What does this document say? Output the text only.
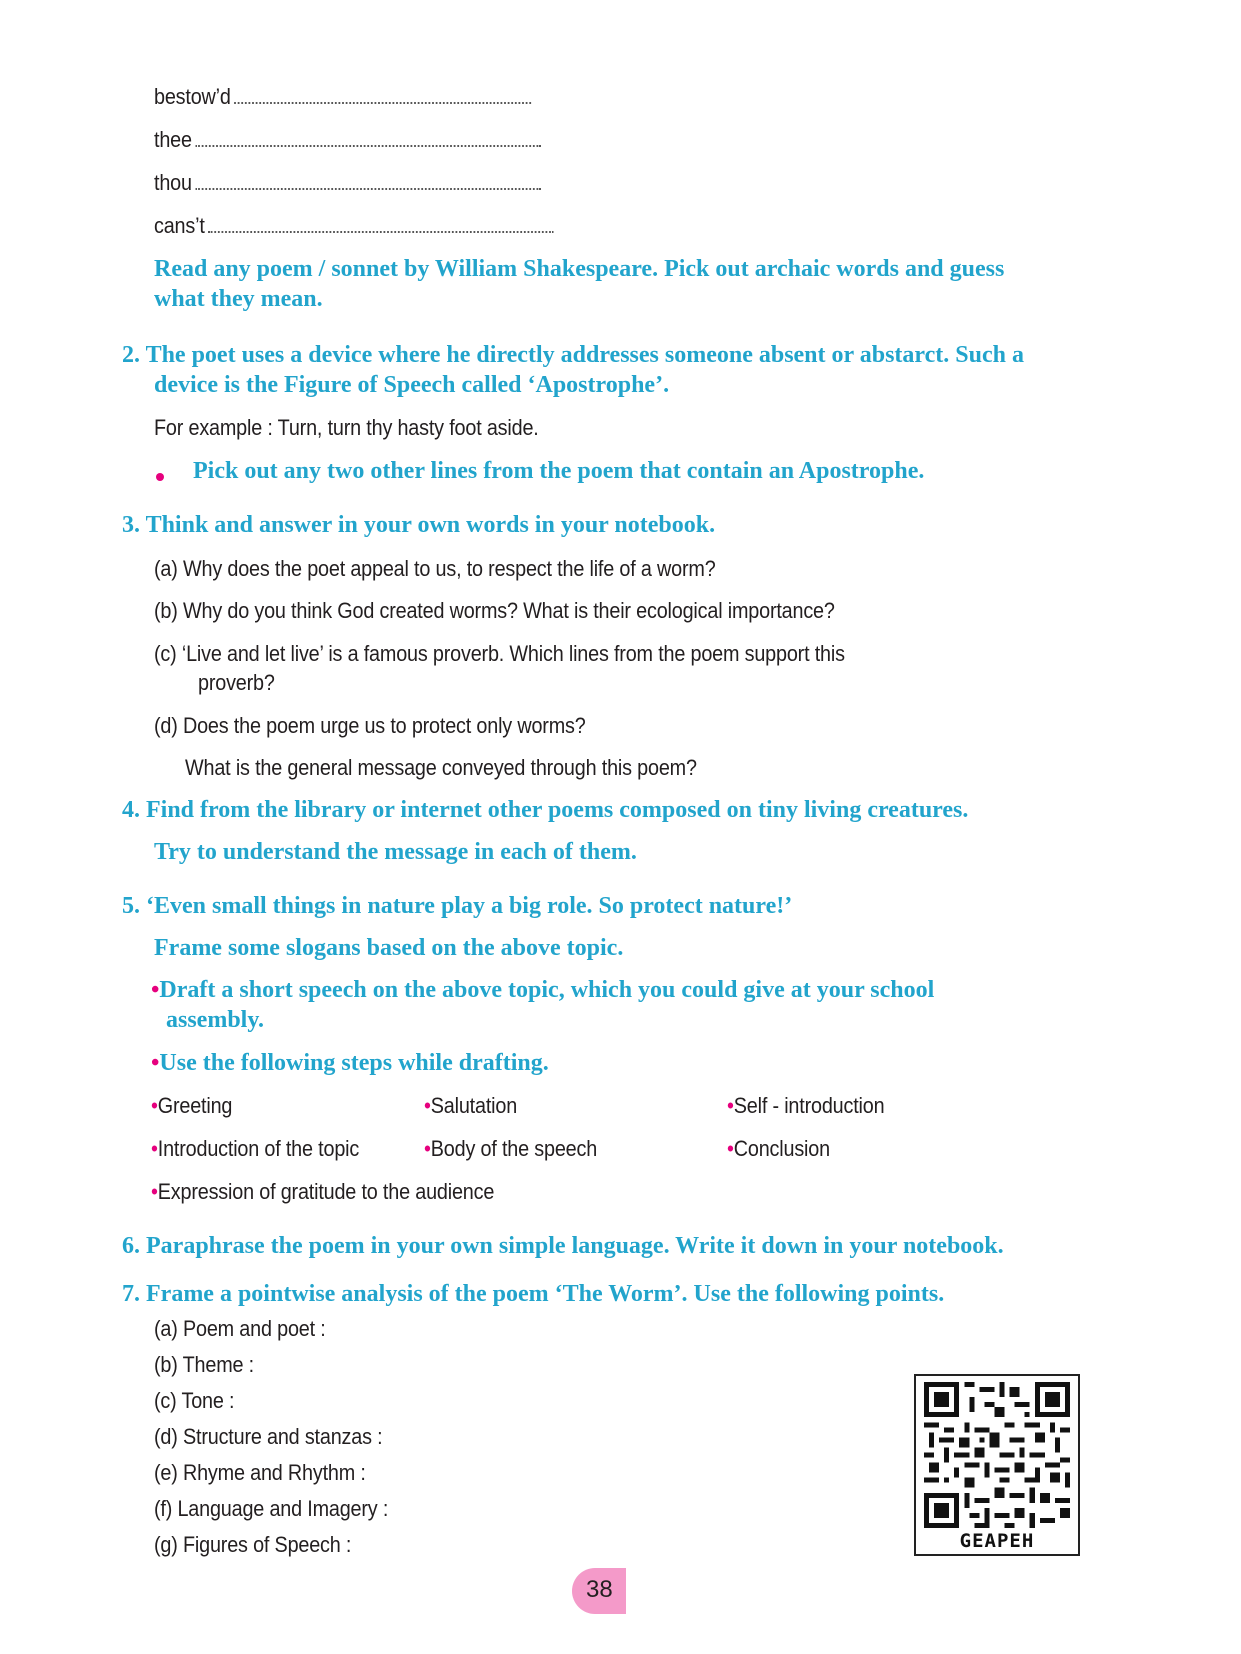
bestow’d
thee
thou
cans’t
Read any poem / sonnet by William Shakespeare. Pick out archaic words and guess
what they mean.
2. The poet uses a device where he directly addresses someone absent or abstarct. Such a
device is the Figure of Speech called ‘Apostrophe’.
For example : Turn, turn thy hasty foot aside.
Pick out any two other lines from the poem that contain an Apostrophe.
3. Think and answer in your own words in your notebook.
(a) Why does the poet appeal to us, to respect the life of a worm?
(b) Why do you think God created worms? What is their ecological importance?
(c) ‘Live and let live’ is a famous proverb. Which lines from the poem support this
proverb?
(d) Does the poem urge us to protect only worms?
What is the general message conveyed through this poem?
4. Find from the library or internet other poems composed on tiny living creatures.
Try to understand the message in each of them.
5. ‘Even small things in nature play a big role. So protect nature!’
Frame some slogans based on the above topic.
•Draft a short speech on the above topic, which you could give at your school
assembly.
•Use the following steps while drafting.
•Greeting	•Salutation	•Self - introduction
•Introduction of the topic	•Body of the speech	•Conclusion
•Expression of gratitude to the audience
6. Paraphrase the poem in your own simple language. Write it down in your notebook.
7. Frame a pointwise analysis of the poem ‘The Worm’. Use the following points.
(a) Poem and poet :
(b) Theme :
(c) Tone :
(d) Structure and stanzas :
(e) Rhyme and Rhythm :
(f) Language and Imagery :
(g) Figures of Speech :	GEAPEH
38
